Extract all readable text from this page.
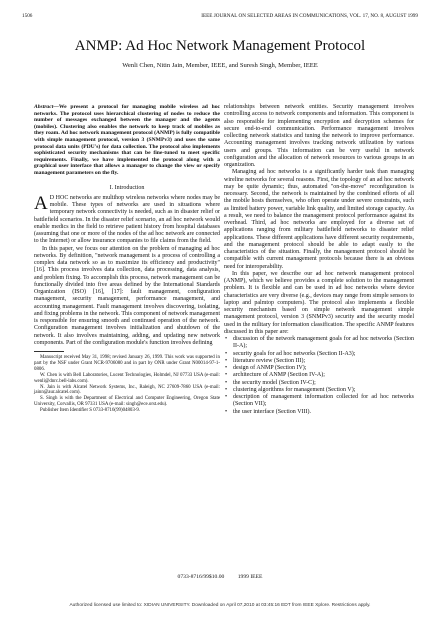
1506	IEEE JOURNAL ON SELECTED AREAS IN COMMUNICATIONS, VOL. 17, NO. 8, AUGUST 1999
ANMP: Ad Hoc Network Management Protocol
Wenli Chen, Nitin Jain, Member, IEEE, and Suresh Singh, Member, IEEE

Abstract—We present a protocol for managing mobile wireless ad hoc networks. The protocol uses hierarchical clustering of nodes to reduce the number of messages exchanged between the manager and the agents (mobiles). Clustering also enables the network to keep track of mobiles as they roam. Ad hoc network management protocol (ANMP) is fully compatible with simple management protocol, version 3 (SNMPv3) and uses the same protocol data units (PDU's) for data collection. The protocol also implements sophisticated security mechanisms that can be fine-tuned to meet specific requirements. Finally, we have implemented the protocol along with a graphical user interface that allows a manager to change the view or specify management parameters on the fly.

I. Introduction

A D HOC networks are multihop wireless networks where nodes may be mobile. These types of networks are used in situations where temporary network connectivity is needed, such as in disaster relief or battlefield scenarios. In the disaster relief scenario, an ad hoc network would enable medics in the field to retrieve patient history from hospital databases (assuming that one or more of the nodes of the ad hoc network are connected to the Internet) or allow insurance companies to file claims from the field.

In this paper, we focus our attention on the problem of managing ad hoc networks. By definition, "network management is a process of controlling a complex data network so as to maximize its efficiency and productivity" [16]. This process involves data collection, data processing, data analysis, and problem fixing. To accomplish this process, network management can be functionally divided into five areas defined by the International Standards Organization (ISO) [16], [17]: fault management, configuration management, security management, performance management, and accounting management. Fault management involves discovering, isolating, and fixing problems in the network. This component of network management is responsible for ensuring smooth and continued operation of the network. Configuration management involves initialization and shutdown of the network. It also involves maintaining, adding, and updating new network components. Part of the configuration module's function involves defining

Manuscript received May 31, 1998; revised January 26, 1999. This work was supported in part by the NSF under Grant NCR-9706080 and in part by ONR under Grant N00014-97-1-0806.

W. Chen is with Bell Laboratories, Lucent Technologies, Holmdel, NJ 07733 USA (e-mail: wenli@dnrc.bell-labs.com).

N. Jain is with Alcatel Network Systems, Inc., Raleigh, NC 27609-7860 USA (e-mail: jainn@aur.alcatel.com).

S. Singh is with the Department of Electrical and Computer Engineering, Oregon State University, Corvallis, OR 97331 USA (e-mail: singh@ece.orst.edu).

Publisher Item Identifier S 0733-8716(99)04803-9.

relationships between network entities. Security management involves controlling access to network components and information. This component is also responsible for implementing encryption and decryption schemes for secure end-to-end communication. Performance management involves collecting network statistics and tuning the network to improve performance. Accounting management involves tracking network utilization by various users and groups. This information can be very useful in network configuration and the allocation of network resources to various groups in an organization.

Managing ad hoc networks is a significantly harder task than managing wireline networks for several reasons. First, the topology of an ad hoc network may be quite dynamic; thus, automated "on-the-move" reconfiguration is necessary. Second, the network is maintained by the combined efforts of all the mobile hosts themselves, who often operate under severe constraints, such as limited battery power, variable link quality, and limited storage capacity. As a result, we need to balance the management protocol performance against its overhead. Third, ad hoc networks are employed for a diverse set of applications ranging from military battlefield networks to disaster relief applications. These different applications have different security requirements, and the management protocol should be able to adapt easily to the characteristics of the situation. Finally, the management protocol should be compatible with current management protocols because there is an obvious need for interoperability.

In this paper, we describe our ad hoc network management protocol (ANMP), which we believe provides a complete solution to the management problem. It is flexible and can be used in ad hoc networks where device characteristics are very diverse (e.g., devices may range from simple sensors to laptop and palmtop computers). The protocol also implements a flexible security mechanism based on simple network management simple management protocol, version 3 (SNMPv3) security and the security model used in the military for information classification. The specific ANMP features discussed in this paper are:

• discussion of the network management goals for ad hoc networks (Section II-A);
• security goals for ad hoc networks (Section II-A3);
• literature review (Section III);
• design of ANMP (Section IV);
• architecture of ANMP (Section IV-A);
• the security model (Section IV-C);
• clustering algorithms for management (Section V);
• description of management information collected for ad hoc networks (Section VII);
• the user interface (Section VIII).
0733-8716/99$10.00 1999 IEEE
Authorized licensed use limited to: XIDIAN UNIVERSITY. Downloaded on April 07,2010 at 03:45:16 EDT from IEEE Xplore. Restrictions apply.
